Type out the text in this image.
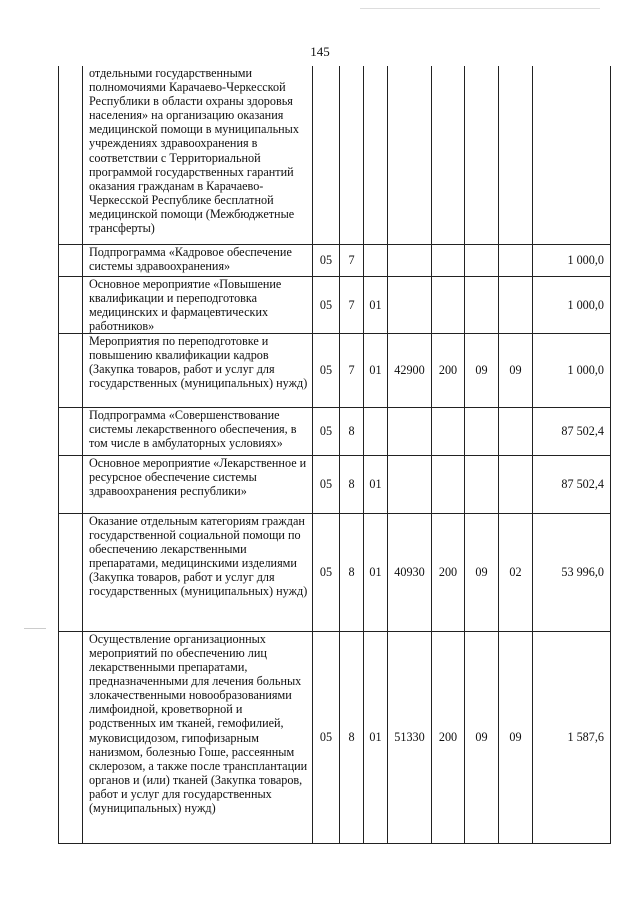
145
	отдельными государственными полномочиями Карачаево-Черкесской Республики в области охраны здоровья населения» на организацию оказания медицинской помощи в муниципальных учреждениях здравоохранения в соответствии с Территориальной программой государственных гарантий оказания гражданам в Карачаево-Черкесской Республике бесплатной медицинской помощи (Межбюджетные трансферты)								
	Подпрограмма «Кадровое обеспечение системы здравоохранения»	05	7						1 000,0
	Основное мероприятие «Повышение квалификации и переподготовка медицинских и фармацевтических работников»	05	7	01					1 000,0
	Мероприятия по переподготовке и повышению квалификации кадров (Закупка товаров, работ и услуг для государственных (муниципальных) нужд)	05	7	01	42900	200	09	09	1 000,0
	Подпрограмма «Совершенствование системы лекарственного обеспечения, в том числе в амбулаторных условиях»	05	8						87 502,4
	Основное мероприятие «Лекарственное и ресурсное обеспечение системы здравоохранения республики»	05	8	01					87 502,4
	Оказание отдельным категориям граждан государственной социальной помощи по обеспечению лекарственными препаратами, медицинскими изделиями (Закупка товаров, работ и услуг для государственных (муниципальных) нужд)	05	8	01	40930	200	09	02	53 996,0
	Осуществление организационных мероприятий по обеспечению лиц лекарственными препаратами, предназначенными для лечения больных злокачественными новообразованиями лимфоидной, кроветворной и родственных им тканей, гемофилией, муковисцидозом, гипофизарным нанизмом, болезнью Гоше, рассеянным склерозом, а также после трансплантации органов и (или) тканей (Закупка товаров, работ и услуг для государственных (муниципальных) нужд)	05	8	01	51330	200	09	09	1 587,6
